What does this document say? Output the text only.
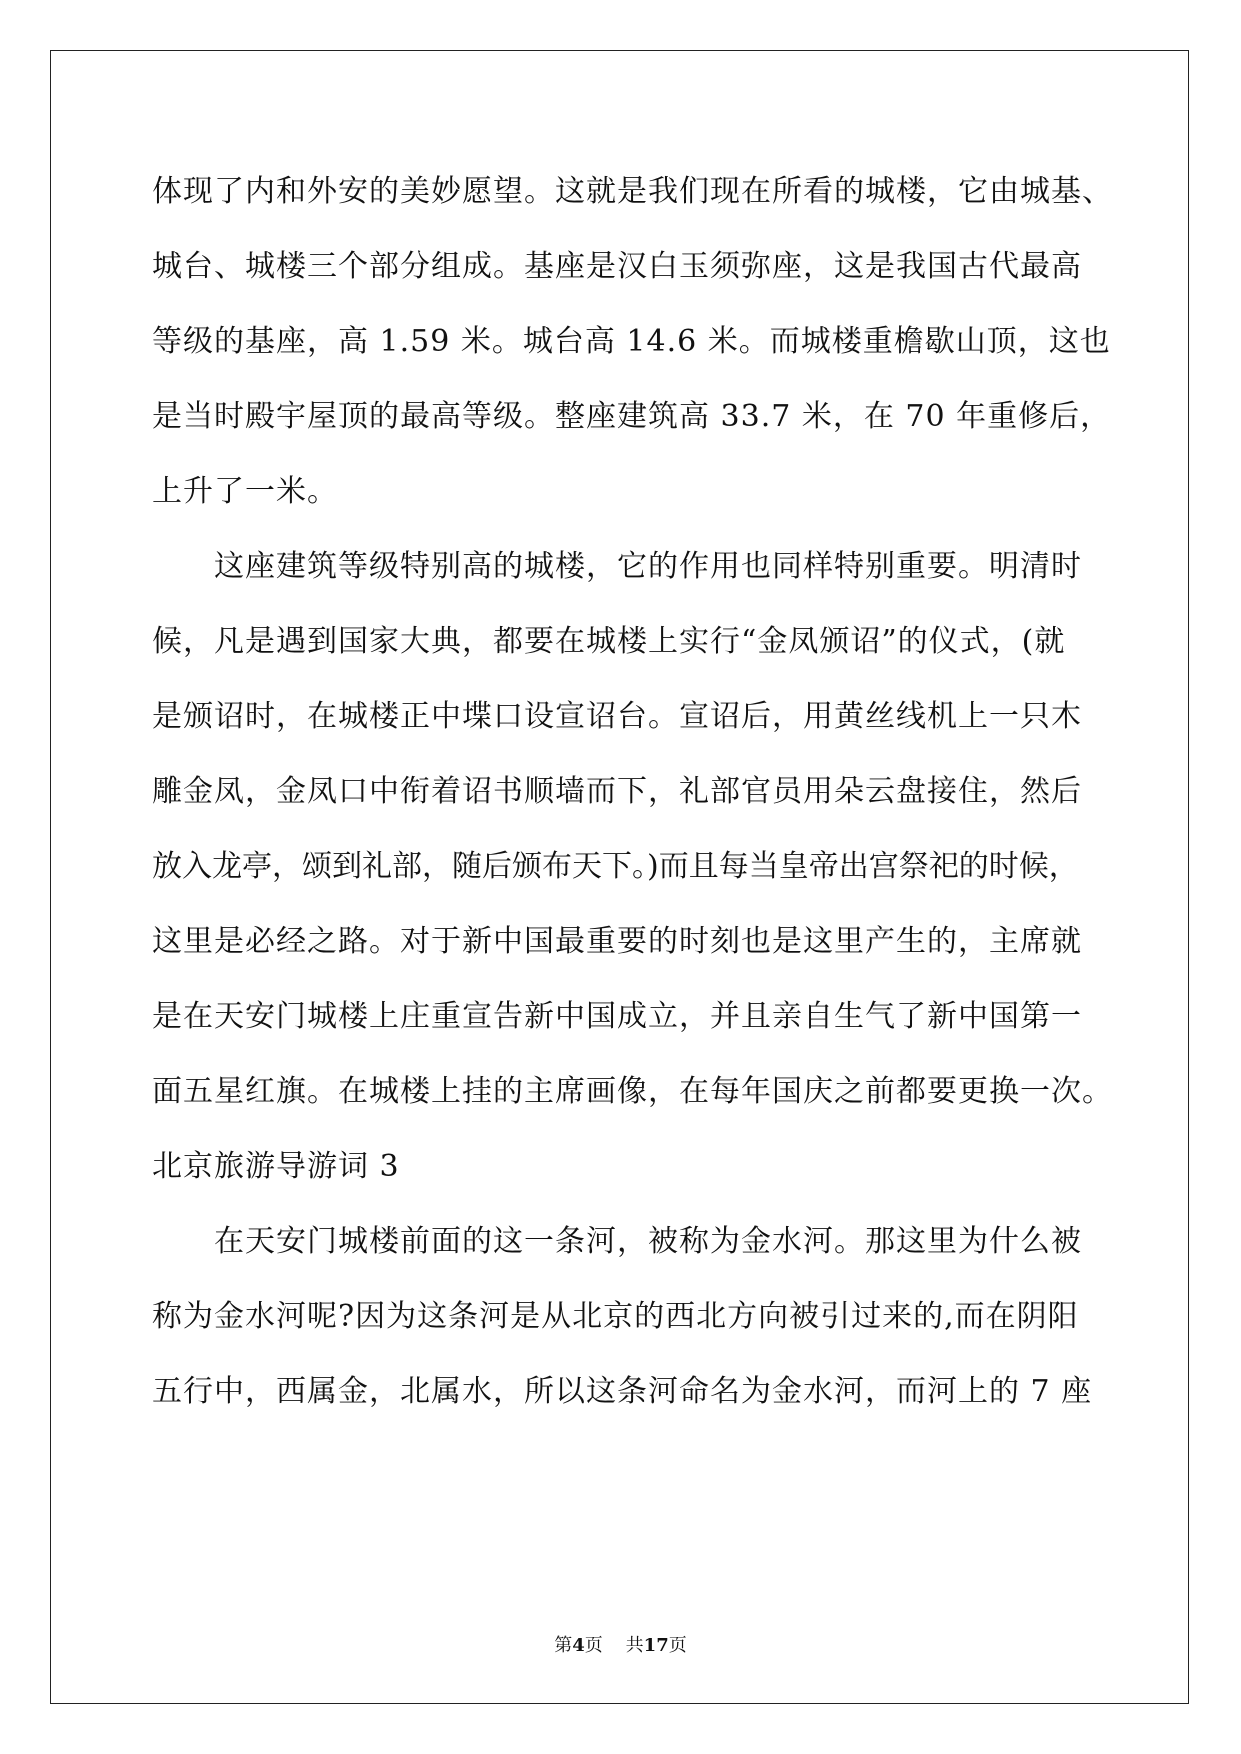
体现了内和外安的美妙愿望。这就是我们现在所看的城楼，它由城基、
城台、城楼三个部分组成。基座是汉白玉须弥座，这是我国古代最高
等级的基座，高 1.59 米。城台高 14.6 米。而城楼重檐歇山顶，这也
是当时殿宇屋顶的最高等级。整座建筑高 33.7 米，在 70 年重修后，
上升了一米。
　　这座建筑等级特别高的城楼，它的作用也同样特别重要。明清时
候，凡是遇到国家大典，都要在城楼上实行“金凤颁诏”的仪式，(就
是颁诏时，在城楼正中堞口设宣诏台。宣诏后，用黄丝线机上一只木
雕金凤，金凤口中衔着诏书顺墙而下，礼部官员用朵云盘接住，然后
放入龙亭，颂到礼部，随后颁布天下。)而且每当皇帝出宫祭祀的时候，
这里是必经之路。对于新中国最重要的时刻也是这里产生的，主席就
是在天安门城楼上庄重宣告新中国成立，并且亲自生气了新中国第一
面五星红旗。在城楼上挂的主席画像，在每年国庆之前都要更换一次。
北京旅游导游词 3
　　在天安门城楼前面的这一条河，被称为金水河。那这里为什么被
称为金水河呢?因为这条河是从北京的西北方向被引过来的,而在阴阳
五行中，西属金，北属水，所以这条河命名为金水河，而河上的 7 座
第4页 共17页
